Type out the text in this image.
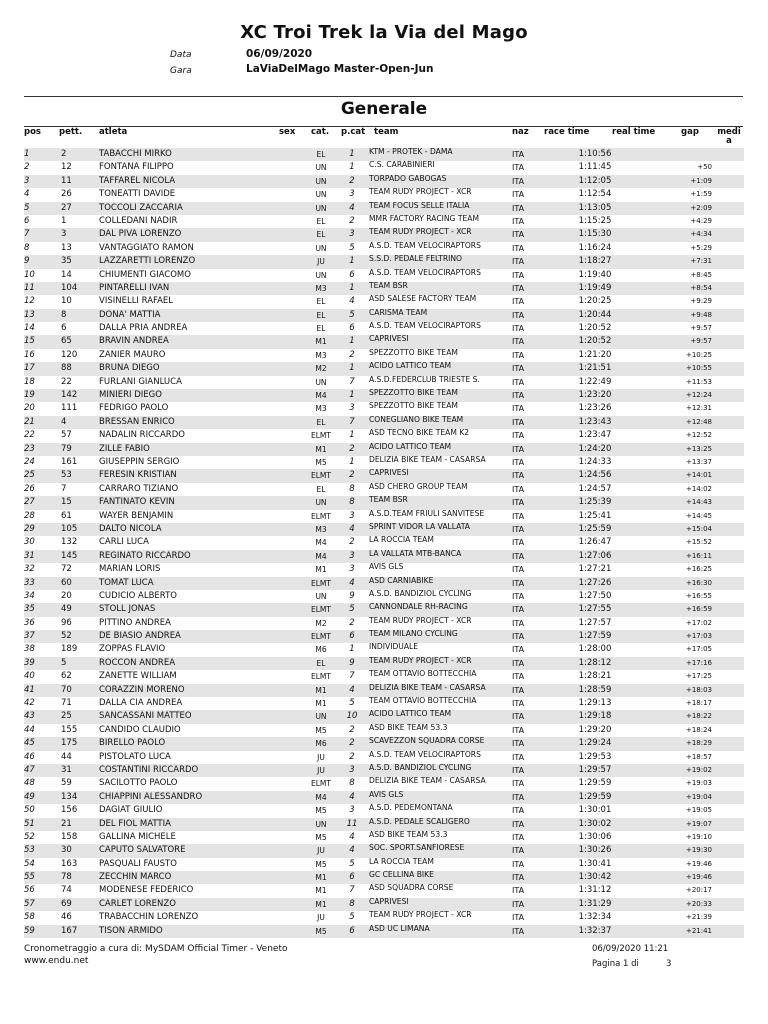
XC Troi Trek la Via del Mago
Data	06/09/2020
Gara	LaViaDelMago Master-Open-Jun
Generale
pos pett. atleta	sex cat. p.cat team	naz race time	real time	gap medi a
1	2	TABACCHI MIRKO	EL	1	KTM - PROTEK - DAMA	ITA	1:10:56
2	12	FONTANA FILIPPO	UN	1	C.S. CARABINIERI	ITA	1:11:45	+50
3	11	TAFFAREL NICOLA	UN	2	TORPADO GABOGAS	ITA	1:12:05	+1:09
4	26	TONEATTI DAVIDE	UN	3	TEAM RUDY PROJECT - XCR	ITA	1:12:54	+1:59
5	27	TOCCOLI ZACCARIA	UN	4	TEAM FOCUS SELLE ITALIA	ITA	1:13:05	+2:09
6	1	COLLEDANI NADIR	EL	2	MMR FACTORY RACING TEAM	ITA	1:15:25	+4:29
7	3	DAL PIVA LORENZO	EL	3	TEAM RUDY PROJECT - XCR	ITA	1:15:30	+4:34
8	13	VANTAGGIATO RAMON	UN	5	A.S.D. TEAM VELOCIRAPTORS	ITA	1:16:24	+5:29
9	35	LAZZARETTI LORENZO	JU	1	S.S.D. PEDALE FELTRINO	ITA	1:18:27	+7:31
10	14	CHIUMENTI GIACOMO	UN	6	A.S.D. TEAM VELOCIRAPTORS	ITA	1:19:40	+8:45
11	104	PINTARELLI IVAN	M3	1	TEAM BSR	ITA	1:19:49	+8:54
12	10	VISINELLI RAFAEL	EL	4	ASD SALESE FACTORY TEAM	ITA	1:20:25	+9:29
13	8	DONA' MATTIA	EL	5	CARISMA TEAM	ITA	1:20:44	+9:48
14	6	DALLA PRIA ANDREA	EL	6	A.S.D. TEAM VELOCIRAPTORS	ITA	1:20:52	+9:57
15	65	BRAVIN ANDREA	M1	1	CAPRIVESI	ITA	1:20:52	+9:57
16	120	ZANIER MAURO	M3	2	SPEZZOTTO BIKE TEAM	ITA	1:21:20	+10:25
17	88	BRUNA DIEGO	M2	1	ACIDO LATTICO TEAM	ITA	1:21:51	+10:55
18	22	FURLANI GIANLUCA	UN	7	A.S.D.FEDERCLUB TRIESTE S.	ITA	1:22:49	+11:53
19	142	MINIERI DIEGO	M4	1	SPEZZOTTO BIKE TEAM	ITA	1:23:20	+12:24
20	111	FEDRIGO PAOLO	M3	3	SPEZZOTTO BIKE TEAM	ITA	1:23:26	+12:31
21	4	BRESSAN ENRICO	EL	7	CONEGLIANO BIKE TEAM	ITA	1:23:43	+12:48
22	57	NADALIN RICCARDO	ELMT	1	ASD TECNO BIKE TEAM K2	ITA	1:23:47	+12:52
23	79	ZILLE FABIO	M1	2	ACIDO LATTICO TEAM	ITA	1:24:20	+13:25
24	161	GIUSEPPIN SERGIO	M5	1	DELIZIA BIKE TEAM - CASARSA	ITA	1:24:33	+13:37
25	53	FERESIN KRISTIAN	ELMT	2	CAPRIVESI	ITA	1:24:56	+14:01
26	7	CARRARO TIZIANO	EL	8	ASD CHERO GROUP TEAM	ITA	1:24:57	+14:02
27	15	FANTINATO KEVIN	UN	8	TEAM BSR	ITA	1:25:39	+14:43
28	61	WAYER BENJAMIN	ELMT	3	A.S.D.TEAM FRIULI SANVITESE	ITA	1:25:41	+14:45
29	105	DALTO NICOLA	M3	4	SPRINT VIDOR LA VALLATA	ITA	1:25:59	+15:04
30	132	CARLI LUCA	M4	2	LA ROCCIA TEAM	ITA	1:26:47	+15:52
31	145	REGINATO RICCARDO	M4	3	LA VALLATA MTB-BANCA	ITA	1:27:06	+16:11
32	72	MARIAN LORIS	M1	3	AVIS GLS	ITA	1:27:21	+16:25
33	60	TOMAT LUCA	ELMT	4	ASD CARNIABIKE	ITA	1:27:26	+16:30
34	20	CUDICIO ALBERTO	UN	9	A.S.D. BANDIZIOL CYCLING	ITA	1:27:50	+16:55
35	49	STOLL JONAS	ELMT	5	CANNONDALE RH-RACING	ITA	1:27:55	+16:59
36	96	PITTINO ANDREA	M2	2	TEAM RUDY PROJECT - XCR	ITA	1:27:57	+17:02
37	52	DE BIASIO ANDREA	ELMT	6	TEAM MILANO CYCLING	ITA	1:27:59	+17:03
38	189	ZOPPAS FLAVIO	M6	1	INDIVIDUALE	ITA	1:28:00	+17:05
39	5	ROCCON ANDREA	EL	9	TEAM RUDY PROJECT - XCR	ITA	1:28:12	+17:16
40	62	ZANETTE WILLIAM	ELMT	7	TEAM OTTAVIO BOTTECCHIA	ITA	1:28:21	+17:25
41	70	CORAZZIN MORENO	M1	4	DELIZIA BIKE TEAM - CASARSA	ITA	1:28:59	+18:03
42	71	DALLA CIA ANDREA	M1	5	TEAM OTTAVIO BOTTECCHIA	ITA	1:29:13	+18:17
43	25	SANCASSANI MATTEO	UN	10	ACIDO LATTICO TEAM	ITA	1:29:18	+18:22
44	155	CANDIDO CLAUDIO	M5	2	ASD BIKE TEAM 53.3	ITA	1:29:20	+18:24
45	175	BIRELLO PAOLO	M6	2	SCAVEZZON SQUADRA CORSE	ITA	1:29:24	+18:29
46	44	PISTOLATO LUCA	JU	2	A.S.D. TEAM VELOCIRAPTORS	ITA	1:29:53	+18:57
47	31	COSTANTINI RICCARDO	JU	3	A.S.D. BANDIZIOL CYCLING	ITA	1:29:57	+19:02
48	59	SACILOTTO PAOLO	ELMT	8	DELIZIA BIKE TEAM - CASARSA	ITA	1:29:59	+19:03
49	134	CHIAPPINI ALESSANDRO	M4	4	AVIS GLS	ITA	1:29:59	+19:04
50	156	DAGIAT GIULIO	M5	3	A.S.D. PEDEMONTANA	ITA	1:30:01	+19:05
51	21	DEL FIOL MATTIA	UN	11	A.S.D. PEDALE SCALIGERO	ITA	1:30:02	+19:07
52	158	GALLINA MICHELE	M5	4	ASD BIKE TEAM 53.3	ITA	1:30:06	+19:10
53	30	CAPUTO SALVATORE	JU	4	SOC. SPORT.SANFIORESE	ITA	1:30:26	+19:30
54	163	PASQUALI FAUSTO	M5	5	LA ROCCIA TEAM	ITA	1:30:41	+19:46
55	78	ZECCHIN MARCO	M1	6	GC CELLINA BIKE	ITA	1:30:42	+19:46
56	74	MODENESE FEDERICO	M1	7	ASD SQUADRA CORSE	ITA	1:31:12	+20:17
57	69	CARLET LORENZO	M1	8	CAPRIVESI	ITA	1:31:29	+20:33
58	46	TRABACCHIN LORENZO	JU	5	TEAM RUDY PROJECT - XCR	ITA	1:32:34	+21:39
59	167	TISON ARMIDO	M5	6	ASD UC LIMANA	ITA	1:32:37	+21:41
Cronometraggio a cura di: MySDAM Official Timer - Veneto
www.endu.net
06/09/2020 11:21
Pagina 1 di	3
